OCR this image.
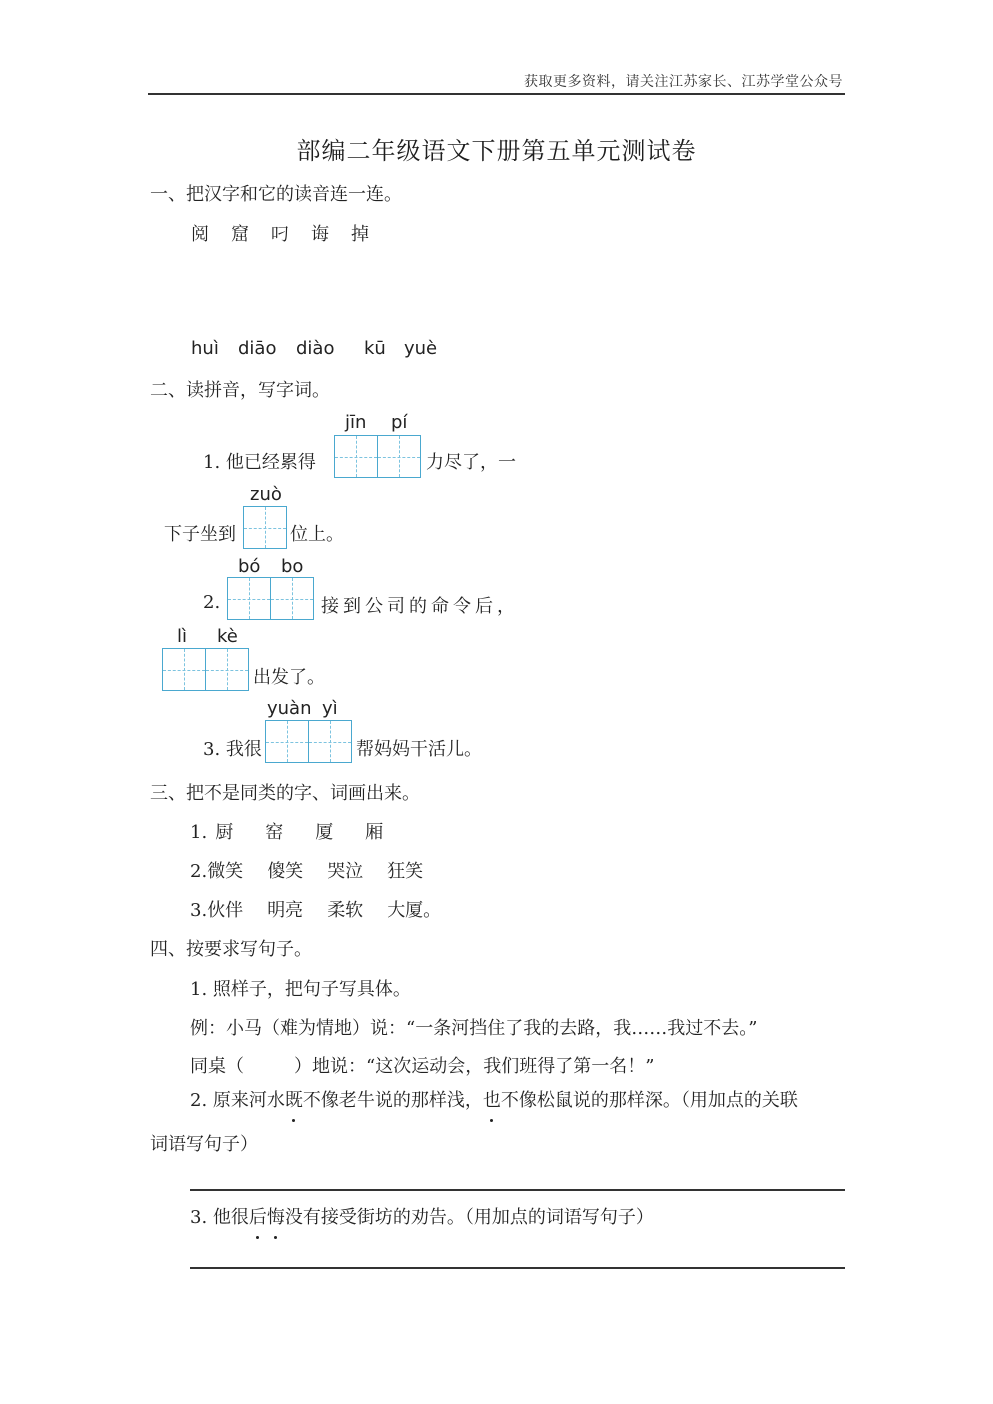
获取更多资料，请关注江苏家长、江苏学堂公众号
部编二年级语文下册第五单元测试卷
一、把汉字和它的读音连一连。
阅 窟 叼 诲 掉
huì diāo diào kū yuè
二、读拼音，写字词。
jīn pí
1. 他已经累得	力尽了，一
zuò
下子坐到	位上。
bó bo
2.	接到公司的命令后，
lì kè
出发了。
yuàn yì
3. 我很	帮妈妈干活儿。
三、把不是同类的字、词画出来。
1. 厨 窑 厦 厢
2.微笑 傻笑 哭泣 狂笑
3.伙伴 明亮 柔软 大厦。
四、按要求写句子。
1. 照样子，把句子写具体。
例：小马（难为情地）说：“一条河挡住了我的去路，我……我过不去。”
同桌（	）地说：“这次运动会，我们班得了第一名！”
2. 原来河水既不像老牛说的那样浅，也不像松鼠说的那样深。（用加点的关联
词语写句子）
3. 他很后悔没有接受街坊的劝告。（用加点的词语写句子）
